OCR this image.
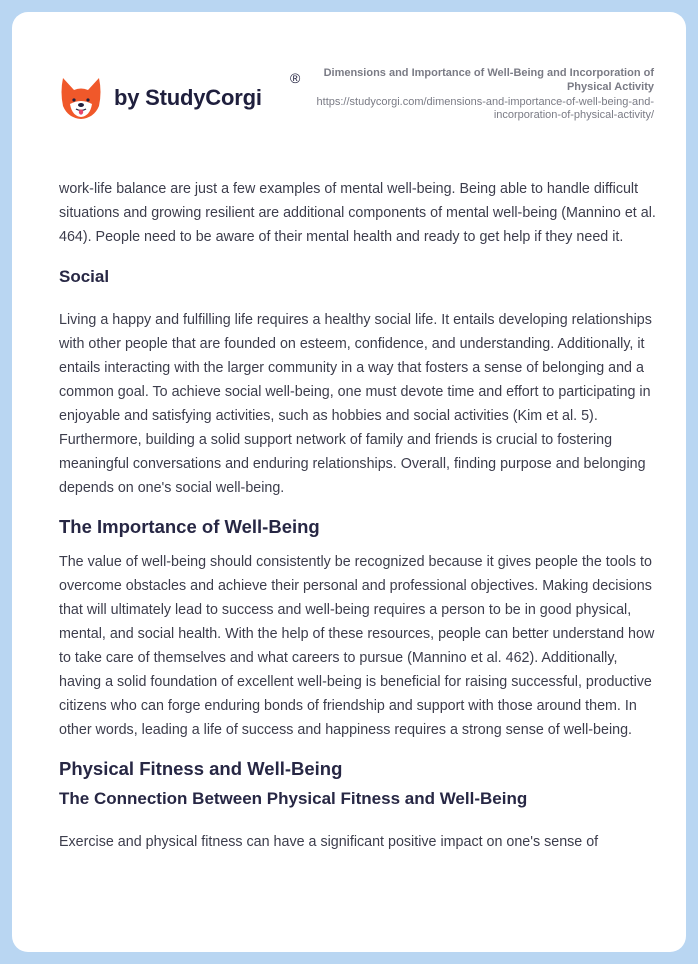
by StudyCorgi
®	Dimensions and Importance of Well-Being and Incorporation of Physical Activity
https://studycorgi.com/dimensions-and-importance-of-well-being-and-incorporation-of-physical-activity/

work-life balance are just a few examples of mental well-being. Being able to handle difficult situations and growing resilient are additional components of mental well-being (Mannino et al. 464). People need to be aware of their mental health and ready to get help if they need it.

Social

Living a happy and fulfilling life requires a healthy social life. It entails developing relationships with other people that are founded on esteem, confidence, and understanding. Additionally, it entails interacting with the larger community in a way that fosters a sense of belonging and a common goal. To achieve social well-being, one must devote time and effort to participating in enjoyable and satisfying activities, such as hobbies and social activities (Kim et al. 5). Furthermore, building a solid support network of family and friends is crucial to fostering meaningful conversations and enduring relationships. Overall, finding purpose and belonging depends on one's social well-being.

The Importance of Well-Being

The value of well-being should consistently be recognized because it gives people the tools to overcome obstacles and achieve their personal and professional objectives. Making decisions that will ultimately lead to success and well-being requires a person to be in good physical, mental, and social health. With the help of these resources, people can better understand how to take care of themselves and what careers to pursue (Mannino et al. 462). Additionally, having a solid foundation of excellent well-being is beneficial for raising successful, productive citizens who can forge enduring bonds of friendship and support with those around them. In other words, leading a life of success and happiness requires a strong sense of well-being.

Physical Fitness and Well-Being
The Connection Between Physical Fitness and Well-Being

Exercise and physical fitness can have a significant positive impact on one's sense of
